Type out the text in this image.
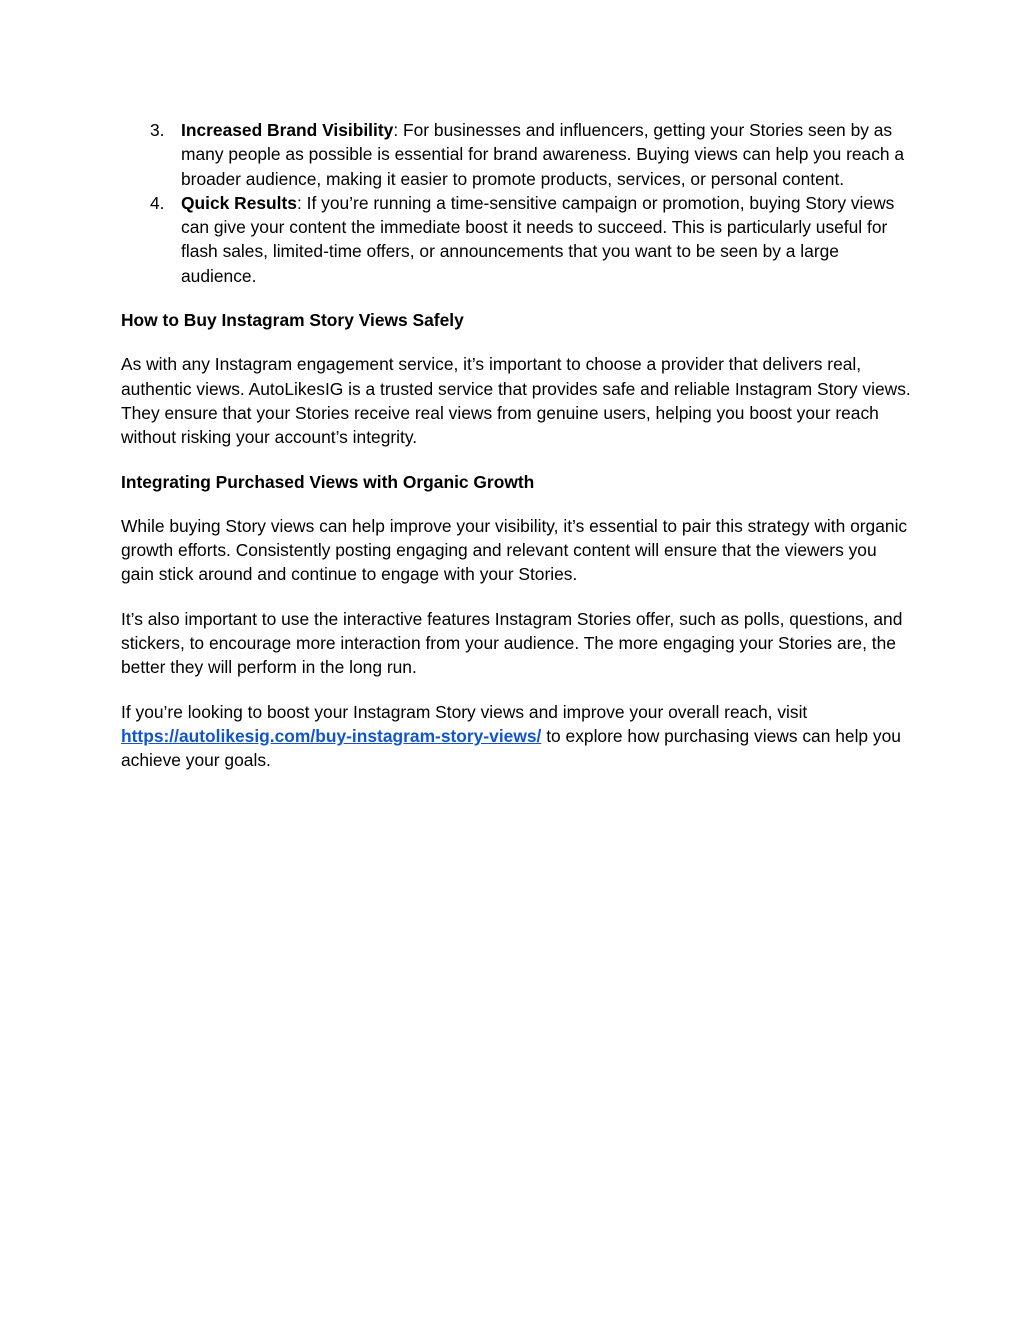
3. Increased Brand Visibility: For businesses and influencers, getting your Stories seen by as many people as possible is essential for brand awareness. Buying views can help you reach a broader audience, making it easier to promote products, services, or personal content.
4. Quick Results: If you’re running a time-sensitive campaign or promotion, buying Story views can give your content the immediate boost it needs to succeed. This is particularly useful for flash sales, limited-time offers, or announcements that you want to be seen by a large audience.
How to Buy Instagram Story Views Safely

As with any Instagram engagement service, it’s important to choose a provider that delivers real, authentic views. AutoLikesIG is a trusted service that provides safe and reliable Instagram Story views. They ensure that your Stories receive real views from genuine users, helping you boost your reach without risking your account’s integrity.

Integrating Purchased Views with Organic Growth

While buying Story views can help improve your visibility, it’s essential to pair this strategy with organic growth efforts. Consistently posting engaging and relevant content will ensure that the viewers you gain stick around and continue to engage with your Stories.

It’s also important to use the interactive features Instagram Stories offer, such as polls, questions, and stickers, to encourage more interaction from your audience. The more engaging your Stories are, the better they will perform in the long run.

If you’re looking to boost your Instagram Story views and improve your overall reach, visit https://autolikesig.com/buy-instagram-story-views/ to explore how purchasing views can help you achieve your goals.
